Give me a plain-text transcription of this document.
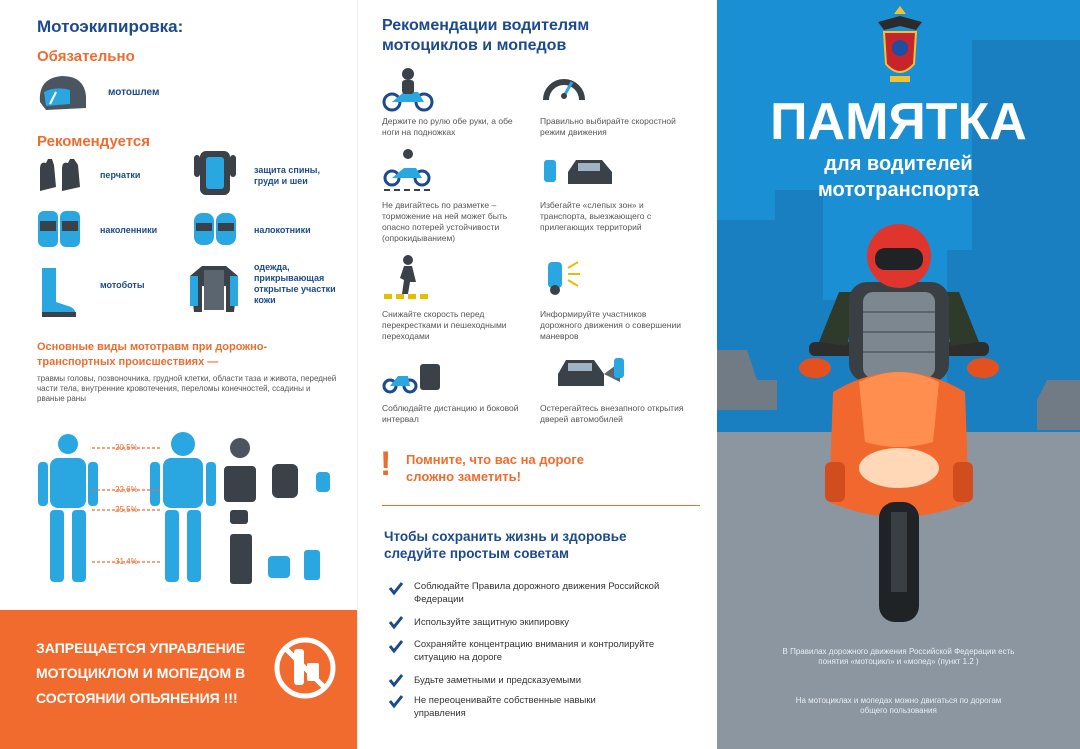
Мотоэкипировка:
Обязательно
мотошлем
Рекомендуется
перчатки	защита спины, груди и шеи
наколенники	налокотники
мотоботы
одежда, прикрывающая открытые участки кожи
Основные виды мототравм при дорожно-транспортных происшествиях —
травмы головы, позвоночника, грудной клетки, области таза и живота, передней части тела, внутренние кровотечения, переломы конечностей, ссадины и рваные раны
20,5%
22,6%
25,5%
31,4%
ЗАПРЕЩАЕТСЯ УПРАВЛЕНИЕ МОТОЦИКЛОМ И МОПЕДОМ В СОСТОЯНИИ ОПЬЯНЕНИЯ !!!
Рекомендации водителям мотоциклов и мопедов
Держите по рулю обе руки, а обе ноги на подножках
Правильно выбирайте скоростной режим движения
Не двигайтесь по разметке – торможение на ней может быть опасно потерей устойчивости (опрокидыванием)
Избегайте «слепых зон» и транспорта, выезжающего с прилегающих территорий
Снижайте скорость перед перекрестками и пешеходными переходами
Информируйте участников дорожного движения о совершении маневров
Соблюдайте дистанцию и боковой интервал
Остерегайтесь внезапного открытия дверей автомобилей
! Помните, что вас на дороге сложно заметить!
Чтобы сохранить жизнь и здоровье следуйте простым советам
Соблюдайте Правила дорожного движения Российской Федерации
Используйте защитную экипировку
Сохраняйте концентрацию внимания и контролируйте ситуацию на дороге
Будьте заметными и предсказуемыми
Не переоценивайте собственные навыки управления
ПАМЯТКА
для водителей
мототранспорта
В Правилах дорожного движения Российской Федерации есть понятия «мотоцикл» и «мопед» (пункт 1.2 )
На мотоциклах и мопедах можно двигаться по дорогам общего пользования
